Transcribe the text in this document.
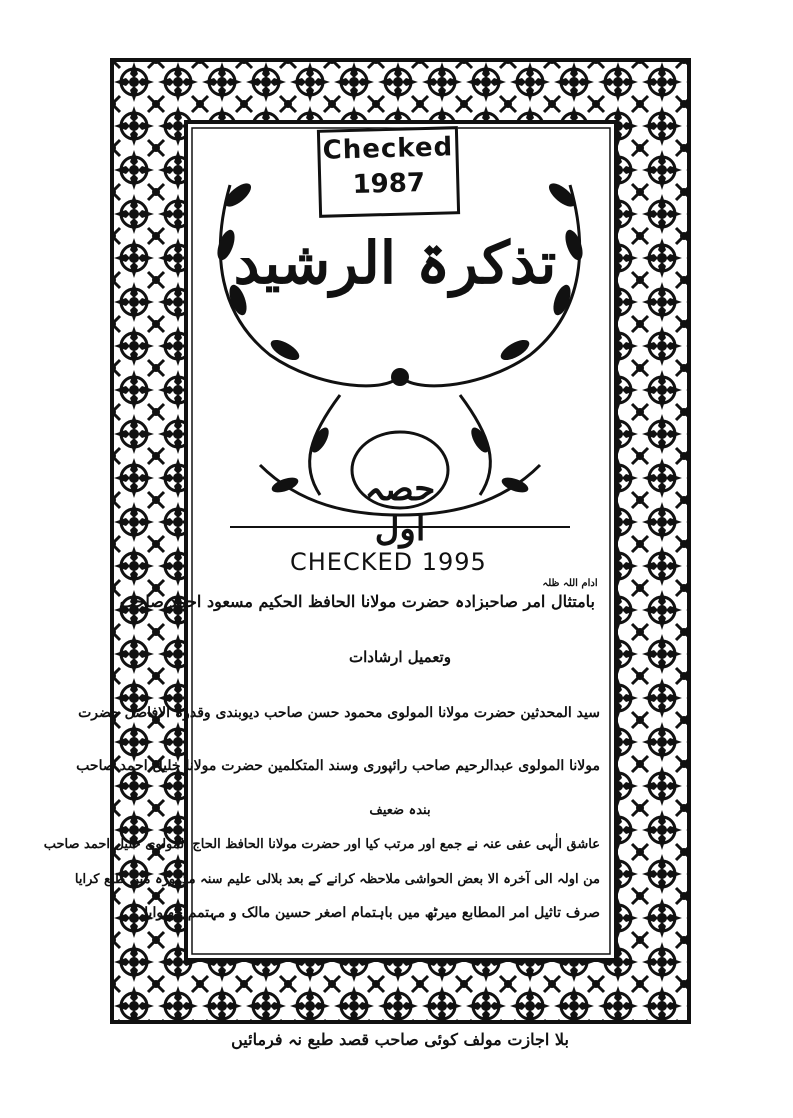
Checked
1987
تذکرۃ الرشید
حصہ اول
CHECKED 1995
بامتثال امر صاحبزادہ حضرت مولانا الحافظ الحکیم مسعود احمد صاحب
ادام اللہ ظلہ
وتعمیل ارشادات
سید المحدثین حضرت مولانا المولوی محمود حسن صاحب دیوبندی وقدوۃ الافاضل حضرت
مولانا المولوی عبدالرحیم صاحب رائپوری وسند المتکلمین حضرت مولانا خلیل احمد صاحب
بندہ ضعیف
عاشق الٰہی عفی عنہ نے جمع اور مرتب کیا اور حضرت مولانا الحافظ الحاج المولوی خلیل احمد صاحب
من اولہ الی آخرہ الا بعض الحواشی ملاحظہ کرانے کے بعد بلالی علیم سنہ مذکورہ میں طبع کرایا
صرف تاثیل امر المطابع میرٹھ میں باہتمام اصغر حسین مالک و مہتمم چھپوایا
بلا اجازت مولف کوئی صاحب قصد طبع نہ فرمائیں
